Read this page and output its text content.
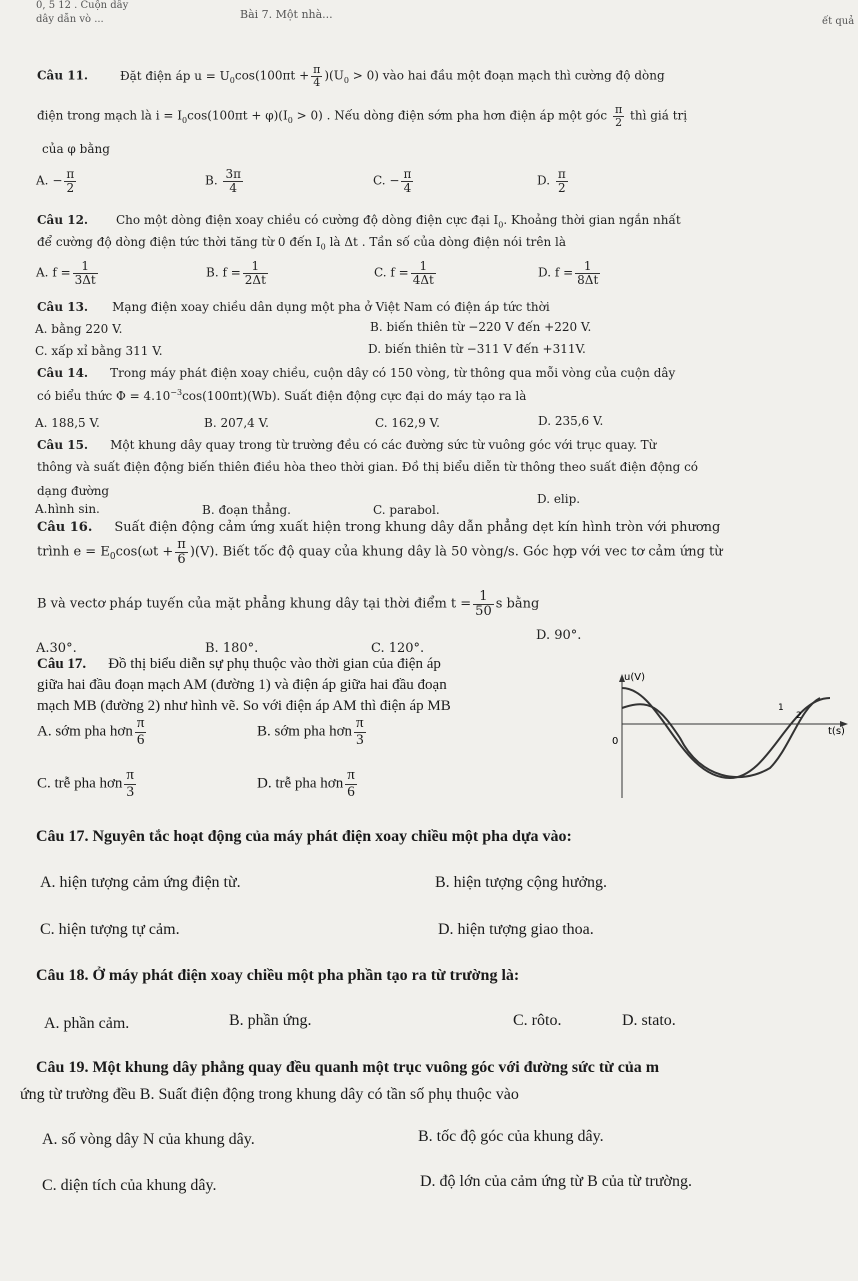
0, 5 12 . Cuộn dây
dây dẫn vò ...	Bài 7. Một nhà...
ết quả
Câu 11.	Đặt điện áp $u = U_0\cos(100\pi t + \frac{\pi}{4} )(U_0 > 0)$ vào hai đầu một đoạn mạch thì cường độ dòng
điện trong mạch là $i = I_0\cos(100\pi t + \varphi)(I_0 > 0)$ . Nếu dòng điện sớm pha hơn điện áp một góc $\frac{\pi}{2}$ thì giá trị
của φ bằng
A. − $\frac{\pi}{2}$	B. $\frac{3\pi}{4}$	C. − $\frac{\pi}{4}$	D. $\frac{\pi}{2}$
Câu 12. Cho một dòng điện xoay chiều có cường độ dòng điện cực đại $I_0$. Khoảng thời gian ngắn nhất
để cường độ dòng điện tức thời tăng từ 0 đến $I_0$ là Δt . Tần số của dòng điện nói trên là
A. $f = \frac{1}{3\Delta t}$	B. $f = \frac{1}{2\Delta t}$	C. $f = \frac{1}{4\Delta t}$	D. $f = \frac{1}{8\Delta t}$
Câu 13. Mạng điện xoay chiều dân dụng một pha ở Việt Nam có điện áp tức thời
A. bằng 220 V.	B. biến thiên từ −220 V đến +220 V.
C. xấp xỉ bằng 311 V.	D. biến thiên từ −311 V đến +311V.
Câu 14. Trong máy phát điện xoay chiều, cuộn dây có 150 vòng, từ thông qua mỗi vòng của cuộn dây
có biểu thức $\Phi = 4.10^{-3}\cos(100\pi t)(Wb)$. Suất điện động cực đại do máy tạo ra là
A. 188,5 V.	B. 207,4 V.	C. 162,9 V.	D. 235,6 V.
Câu 15. Một khung dây quay trong từ trường đều có các đường sức từ vuông góc với trục quay. Từ
thông và suất điện động biến thiên điều hòa theo thời gian. Đồ thị biểu diễn từ thông theo suất điện động có
dạng đường
A.hình sin.	B. đoạn thẳng.	C. parabol.
D. elip.
Câu 16. Suất điện động cảm ứng xuất hiện trong khung dây dẫn phẳng dẹt kín hình tròn với phương
trình $e = E_0\cos(\omega t + \frac{\pi}{6} )(V)$. Biết tốc độ quay của khung dây là 50 vòng/s. Góc hợp với vec tơ cảm ứng từ
B và vectơ pháp tuyến của mặt phẳng khung dây tại thời điểm $t = \frac{1}{50}$ s bằng
A.30°.	B. 180°.	C. 120°.
D. 90°.
Câu 17. Đồ thị biểu diễn sự phụ thuộc vào thời gian của điện áp
giữa hai đầu đoạn mạch AM (đường 1) và điện áp giữa hai đầu đoạn
mạch MB (đường 2) như hình vẽ. So với điện áp AM thì điện áp MB
A. sớm pha hơn $\frac{\pi}{6}$	B. sớm pha hơn $\frac{\pi}{3}$
C. trễ pha hơn $\frac{\pi}{3}$	D. trễ pha hơn $\frac{\pi}{6}$
u(V)
t(s)
0
1
2
Câu 17. Nguyên tắc hoạt động của máy phát điện xoay chiều một pha dựa vào:
A. hiện tượng cảm ứng điện từ.	B. hiện tượng cộng hưởng.
C. hiện tượng tự cảm.	D. hiện tượng giao thoa.
Câu 18. Ở máy phát điện xoay chiều một pha phần tạo ra từ trường là:
A. phần cảm.	B. phần ứng.	C. rôto.	D. stato.
Câu 19. Một khung dây phẳng quay đều quanh một trục vuông góc với đường sức từ của m
ứng từ trường đều B. Suất điện động trong khung dây có tần số phụ thuộc vào
A. số vòng dây N của khung dây.	B. tốc độ góc của khung dây.
C. diện tích của khung dây.	D. độ lớn của cảm ứng từ B của từ trường.
